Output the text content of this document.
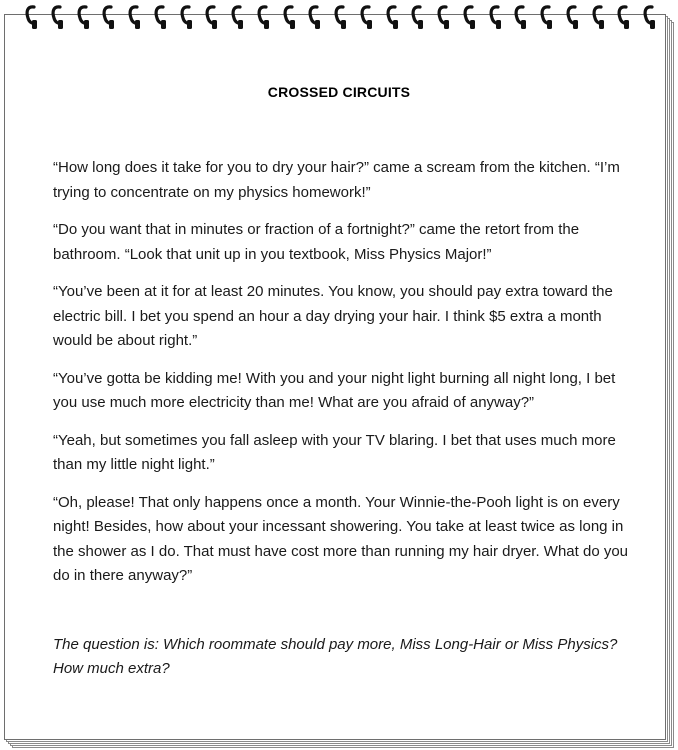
CROSSED CIRCUITS

“How long does it take for you to dry your hair?” came a scream from the kitchen. “I’m trying to concentrate on my physics homework!”

“Do you want that in minutes or fraction of a fortnight?” came the retort from the bathroom. “Look that unit up in you textbook, Miss Physics Major!”

“You’ve been at it for at least 20 minutes. You know, you should pay extra toward the electric bill. I bet you spend an hour a day drying your hair. I think $5 extra a month would be about right.”

“You’ve gotta be kidding me! With you and your night light burning all night long, I bet you use much more electricity than me! What are you afraid of anyway?”

“Yeah, but sometimes you fall asleep with your TV blaring. I bet that uses much more than my little night light.”

“Oh, please! That only happens once a month. Your Winnie-the-Pooh light is on every night! Besides, how about your incessant showering. You take at least twice as long in the shower as I do. That must have cost more than running my hair dryer. What do you do in there anyway?”

The question is: Which roommate should pay more, Miss Long-Hair or Miss Physics? How much extra?
